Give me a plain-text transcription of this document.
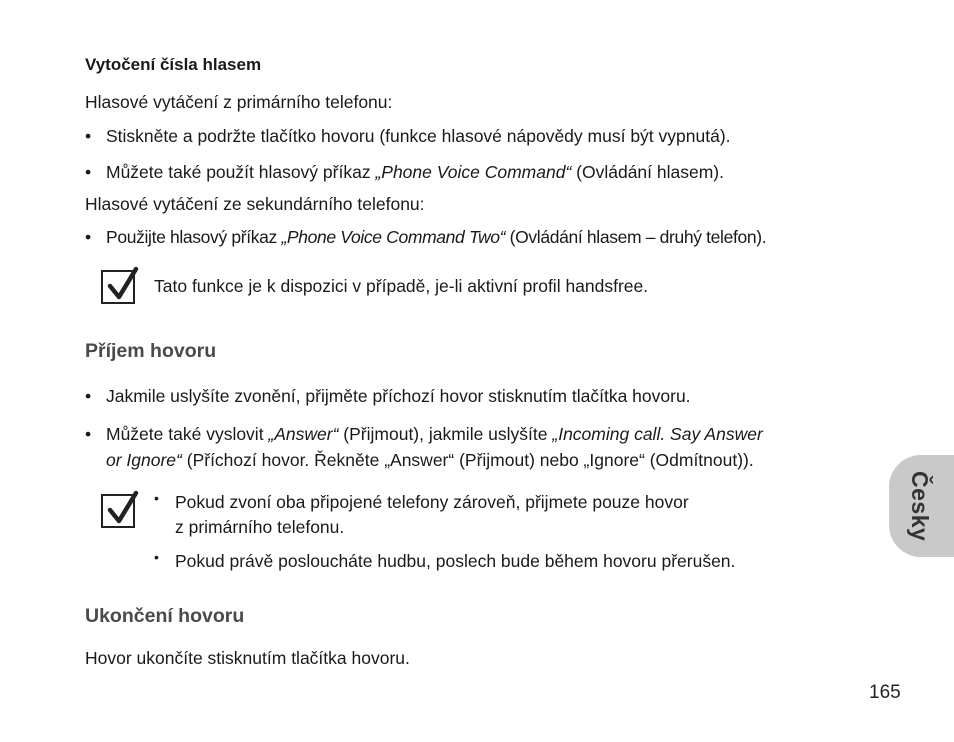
Vytočení čísla hlasem
Hlasové vytáčení z primárního telefonu:
• Stiskněte a podržte tlačítko hovoru (funkce hlasové nápovědy musí být vypnutá).
• Můžete také použít hlasový příkaz „Phone Voice Command“ (Ovládání hlasem).
Hlasové vytáčení ze sekundárního telefonu:
• Použijte hlasový příkaz „Phone Voice Command Two“ (Ovládání hlasem – druhý telefon).
Tato funkce je k dispozici v případě, je-li aktivní profil handsfree.
Příjem hovoru
• Jakmile uslyšíte zvonění, přijměte příchozí hovor stisknutím tlačítka hovoru.
• Můžete také vyslovit „Answer“ (Přijmout), jakmile uslyšíte „Incoming call. Say Answer
or Ignore“ (Příchozí hovor. Řekněte „Answer“ (Přijmout) nebo „Ignore“ (Odmítnout)).
• Pokud zvoní oba připojené telefony zároveň, přijmete pouze hovor
z primárního telefonu.
• Pokud právě posloucháte hudbu, poslech bude během hovoru přerušen.
Ukončení hovoru
Hovor ukončíte stisknutím tlačítka hovoru.
Česky
165
